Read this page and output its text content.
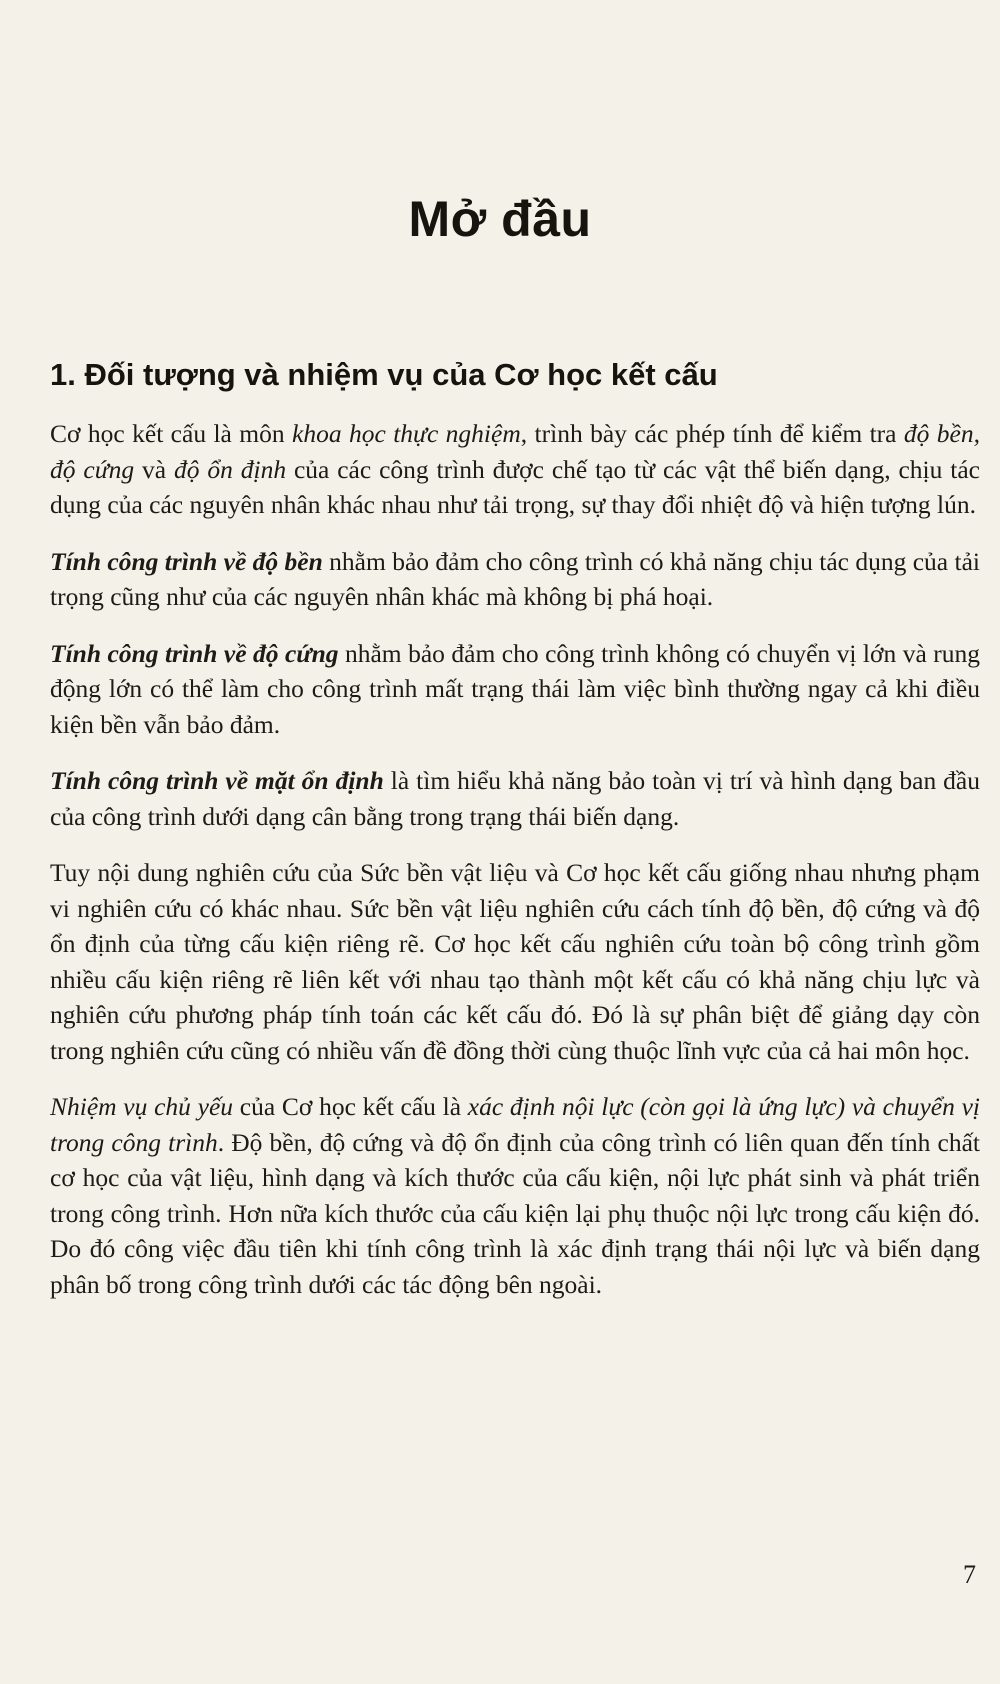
Mở đầu
1. Đối tượng và nhiệm vụ của Cơ học kết cấu

Cơ học kết cấu là môn khoa học thực nghiệm, trình bày các phép tính để kiểm tra độ bền, độ cứng và độ ổn định của các công trình được chế tạo từ các vật thể biến dạng, chịu tác dụng của các nguyên nhân khác nhau như tải trọng, sự thay đổi nhiệt độ và hiện tượng lún.

Tính công trình về độ bền nhằm bảo đảm cho công trình có khả năng chịu tác dụng của tải trọng cũng như của các nguyên nhân khác mà không bị phá hoại.

Tính công trình về độ cứng nhằm bảo đảm cho công trình không có chuyển vị lớn và rung động lớn có thể làm cho công trình mất trạng thái làm việc bình thường ngay cả khi điều kiện bền vẫn bảo đảm.

Tính công trình về mặt ổn định là tìm hiểu khả năng bảo toàn vị trí và hình dạng ban đầu của công trình dưới dạng cân bằng trong trạng thái biến dạng.

Tuy nội dung nghiên cứu của Sức bền vật liệu và Cơ học kết cấu giống nhau nhưng phạm vi nghiên cứu có khác nhau. Sức bền vật liệu nghiên cứu cách tính độ bền, độ cứng và độ ổn định của từng cấu kiện riêng rẽ. Cơ học kết cấu nghiên cứu toàn bộ công trình gồm nhiều cấu kiện riêng rẽ liên kết với nhau tạo thành một kết cấu có khả năng chịu lực và nghiên cứu phương pháp tính toán các kết cấu đó. Đó là sự phân biệt để giảng dạy còn trong nghiên cứu cũng có nhiều vấn đề đồng thời cùng thuộc lĩnh vực của cả hai môn học.

Nhiệm vụ chủ yếu của Cơ học kết cấu là xác định nội lực (còn gọi là ứng lực) và chuyển vị trong công trình. Độ bền, độ cứng và độ ổn định của công trình có liên quan đến tính chất cơ học của vật liệu, hình dạng và kích thước của cấu kiện, nội lực phát sinh và phát triển trong công trình. Hơn nữa kích thước của cấu kiện lại phụ thuộc nội lực trong cấu kiện đó. Do đó công việc đầu tiên khi tính công trình là xác định trạng thái nội lực và biến dạng phân bố trong công trình dưới các tác động bên ngoài.

7
